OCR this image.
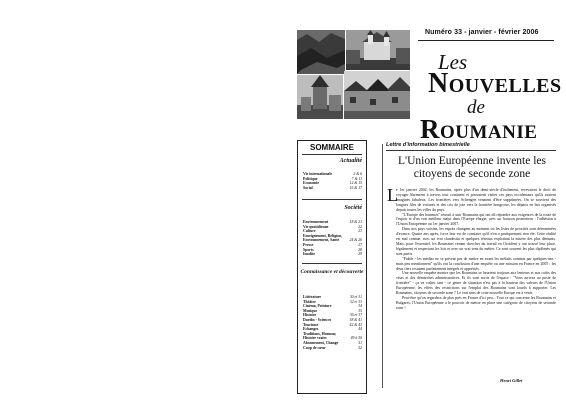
Numéro 33 - janvier - février 2006
Les
Nouvelles
de
Roumanie
SOMMAIRE
Actualité
Vie internationale	2 & 6
Politique	7 & 11
Economie	12 & 15
Social	16 & 17
Société
Environnement	18 & 21
Vie quotidienne	22
Culture	23
Enseignement, Religion,
Environnement, Santé	24 & 26
Presse	27
Sports	28
Insolite	29
Connaissance et découverte
Littérature	30 et 31
Théâtre	32 et 33
Cinéma, Peinture	34
Musique	35
Histoire	36 et 37
Dardin - Sciences	38 & 41
Tourisme	42 & 43
Echanges	44
Traditions, Humour,
Histoire vraies	49 à 50
Abonnement, Change	51
Coup de cœur	52
Lettre d'information bimestrielle
L'Union Européenne invente les citoyens de seconde zone
L

e 1er janvier 2002, les Roumains, après plus d'un demi-siècle d'isolement, recevaient le droit de voyager librement à travers tout continent et pouvaient visiter ces pays occidentaux qu'ils avaient imaginés fabuleux. Les frontières vers Schengen venaient d'être supprimées. On se souvient des longues files de voitures et des cris de joie vers la frontière hongroise, les départs en bus organisés depuis toutes les villes du pays.

"L'Europe des hommes" réussit à unir Roumains qui ont dû répondre aux exigences de la route de l'espoir et d'un vrai meilleur statut dans l'Europe élargie, avec un horizon prometteur : l'adhésion à l'Union Européenne au 1er janvier 2007.

Dans nos pays voisins, les esprits changent au moment où les listes de priorités sont déterminées d'avance. Quatre ans après, force leur est de constater qu'il n'en a pratiquement rien été. Cette réalité est mal connue, avec un vrai clandestin et quelques réseaux exploitant la misère des plus démunis. Mais, pour l'essentiel, les Roumains venant chercher du travail en Occident y ont trouvé leur place, légalement et respectant les lois et avec un vrai sens du métier. Ce sont souvent les plus diplômés qui sont partis.

"Fiable - les médias ne se privent pas de mettre en avant les méfaits commis par quelques-uns - mais peu mentionnent" qu'ils ont la conclusion d'une enquête ou une mission en France en 2005 : les deux tiers restaient parfaitement intégrés et appréciés.

Une nouvelle enquête montre que les Roumains se heurtent toujours aux lenteurs et aux coûts des visas et des démarches administratives. Et ils sont sortis de l'espace : "Vous arrivez au poste de frontière" - ça va coûter tant - ce genre de situation n'est pas à la hauteur des valeurs de l'Union Européenne, les effets des restrictions sur l'emploi des Roumains sont lourds à supporter. Les Roumains, citoyens de seconde zone ? Le vrai sens de cette nouvelle Europe est à venir.

Peut-être qu'on regardera de plus près en France d'ici peu... Tout ce qui concerne les Roumains et Bulgares, l'Union Européenne a le pouvoir de mettre en place une catégorie de citoyens de seconde zone !

Henri Gillet
